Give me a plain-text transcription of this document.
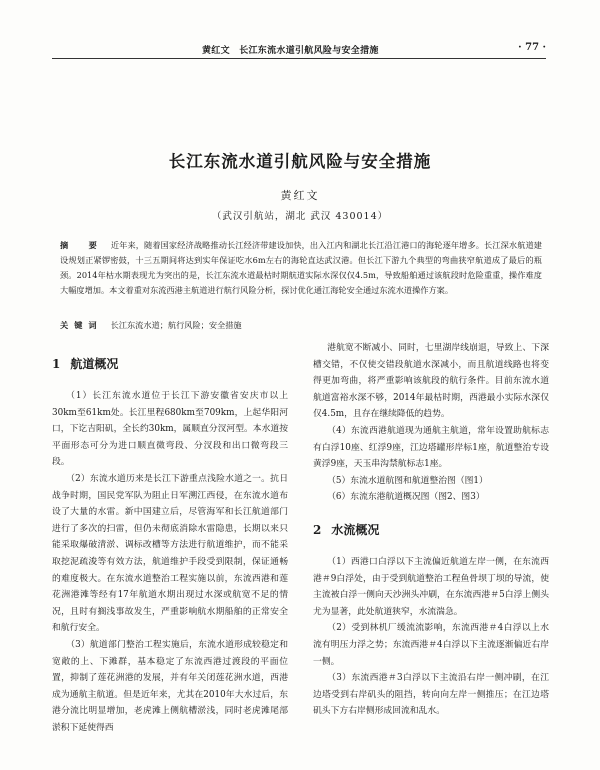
黄红文　长江东流水道引航风险与安全措施	· 77 ·
长江东流水道引航风险与安全措施
黄红文
（武汉引航站，湖北 武汉 430014）
摘　要 近年来，随着国家经济战略推动长江经济带建设加快，出入江内和湖北长江沿江港口的海轮逐年增多。长江深水航道建设规划正紧锣密鼓，十三五期间将达到实年保证吃水6m左右的海轮直达武汉港。但长江下游九个典型的弯曲狭窄航道成了最后的瓶颈。2014年枯水期表现尤为突出的是，长江东流水道最枯时期航道实际水深仅仅4.5m，导致船舶通过该航段时危险重重，操作难度大幅度增加。本文着重对东流西港主航道进行航行风险分析，探讨优化通江海轮安全通过东流水道操作方案。
关键词 长江东流水道；航行风险；安全措施
1 航道概况

（1）长江东流水道位于长江下游安徽省安庆市以上30km至61km处。长江里程680km至709km，上起华阳河口，下讫吉阳矶，全长约30km，属顺直分汊河型。本水道按平面形态可分为进口顺直微弯段、分汊段和出口微弯段三段。

（2）东流水道历来是长江下游重点浅险水道之一。抗日战争时期，国民党军队为阻止日军溯江西侵，在东流水道布设了大量的水雷。新中国建立后，尽管海军和长江航道部门进行了多次的扫雷，但仍未彻底消除水雷隐患，长期以来只能采取爆破清淤、调标改槽等方法进行航道维护，而不能采取挖泥疏浚等有效方法，航道维护手段受到限制，保证通畅的难度极大。在东流水道整治工程实施以前，东流西港和莲花洲港滩等经有17年航道水期出现过水深或航宽不足的情况，且时有搁浅事故发生，严重影响航水期船舶的正常安全和航行安全。

（3）航道部门整治工程实施后，东流水道形成较稳定和宽敞的上、下滩群，基本稳定了东流西港过渡段的平面位置，抑制了莲花洲港的发展，并有年关闭莲花洲水道，西港成为通航主航道。但是近年来，尤其在2010年大水过后，东港分流比明显增加，老虎滩上侧航槽淤浅，同时老虎滩尾部淤积下延使得西

港航宽不断减小、同时，七里湖岸线崩退，导致上、下深槽交错，不仅使交错段航道水深减小，而且航道线路也将变得更加弯曲，将严重影响该航段的航行条件。目前东流水道航道富裕水深不够，2014年最枯时期，西港最小实际水深仅仅4.5m，且存在继续降低的趋势。

（4）东流西港航道现为通航主航道，常年设置助航标志有白浮10座、红浮9座，江边塔罐形岸标1座，航道整治专设黄浮9座，天玉串沟禁航标志1座。

（5）东流水道航图和航道整治图（图1）

（6）东流东港航道概况图（图2、图3）

2 水流概况

（1）西港口白浮以下主流偏近航道左岸一侧，在东流西港＃9白浮处，由于受到航道整治工程鱼骨坝丁坝的导流，使主流被白浮一侧向天沙洲头冲刷，在东流西港＃5白浮上侧头尤为显著，此处航道狭窄，水流湍急。

（2）受到林机厂缓流流影响，东流西港＃4白浮以上水流有明压力浮之势；东流西港＃4白浮以下主流逐渐偏近右岸一侧。

（3）东流西港＃3白浮以下主流沿右岸一侧冲刷，在江边塔受到右岸矶头的阻挡，转向向左岸一侧推压；在江边塔矶头下方右岸侧形成回流和乱水。
